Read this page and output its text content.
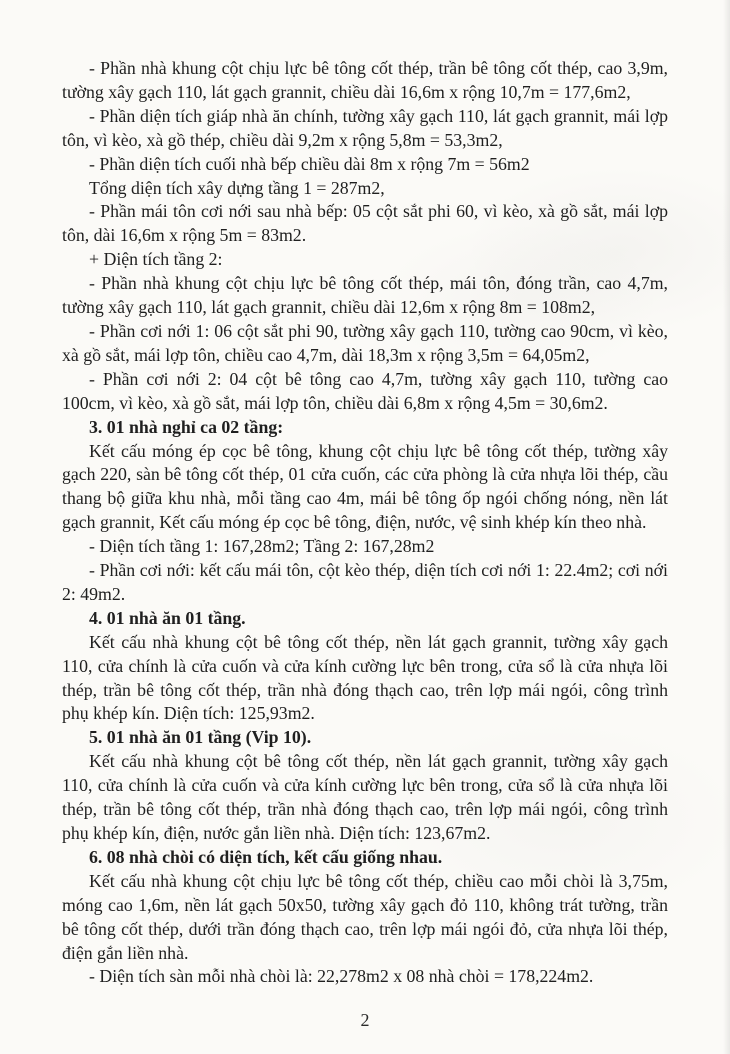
- Phần nhà khung cột chịu lực bê tông cốt thép, trần bê tông cốt thép, cao 3,9m, tường xây gạch 110, lát gạch grannit, chiều dài 16,6m x rộng 10,7m = 177,6m2,

- Phần diện tích giáp nhà ăn chính, tường xây gạch 110, lát gạch grannit, mái lợp tôn, vì kèo, xà gồ thép, chiều dài 9,2m x rộng 5,8m = 53,3m2,

- Phần diện tích cuối nhà bếp chiều dài 8m x rộng 7m = 56m2

Tổng diện tích xây dựng tầng 1 = 287m2,

- Phần mái tôn cơi nới sau nhà bếp: 05 cột sắt phi 60, vì kèo, xà gồ sắt, mái lợp tôn, dài 16,6m x rộng 5m = 83m2.

+ Diện tích tầng 2:

- Phần nhà khung cột chịu lực bê tông cốt thép, mái tôn, đóng trần, cao 4,7m, tường xây gạch 110, lát gạch grannit, chiều dài 12,6m x rộng 8m = 108m2,

- Phần cơi nới 1: 06 cột sắt phi 90, tường xây gạch 110, tường cao 90cm, vì kèo, xà gồ sắt, mái lợp tôn, chiều cao 4,7m, dài 18,3m x rộng 3,5m = 64,05m2,

- Phần cơi nới 2: 04 cột bê tông cao 4,7m, tường xây gạch 110, tường cao 100cm, vì kèo, xà gồ sắt, mái lợp tôn, chiều dài 6,8m x rộng 4,5m = 30,6m2.

3. 01 nhà nghỉ ca 02 tầng:

Kết cấu móng ép cọc bê tông, khung cột chịu lực bê tông cốt thép, tường xây gạch 220, sàn bê tông cốt thép, 01 cửa cuốn, các cửa phòng là cửa nhựa lõi thép, cầu thang bộ giữa khu nhà, mỗi tầng cao 4m, mái bê tông ốp ngói chống nóng, nền lát gạch grannit, Kết cấu móng ép cọc bê tông, điện, nước, vệ sinh khép kín theo nhà.

- Diện tích tầng 1: 167,28m2; Tầng 2: 167,28m2

- Phần cơi nới: kết cấu mái tôn, cột kèo thép, diện tích cơi nới 1: 22.4m2; cơi nới 2: 49m2.

4. 01 nhà ăn 01 tầng.

Kết cấu nhà khung cột bê tông cốt thép, nền lát gạch grannit, tường xây gạch 110, cửa chính là cửa cuốn và cửa kính cường lực bên trong, cửa sổ là cửa nhựa lõi thép, trần bê tông cốt thép, trần nhà đóng thạch cao, trên lợp mái ngói, công trình phụ khép kín. Diện tích: 125,93m2.

5. 01 nhà ăn 01 tầng (Vip 10).

Kết cấu nhà khung cột bê tông cốt thép, nền lát gạch grannit, tường xây gạch 110, cửa chính là cửa cuốn và cửa kính cường lực bên trong, cửa sổ là cửa nhựa lõi thép, trần bê tông cốt thép, trần nhà đóng thạch cao, trên lợp mái ngói, công trình phụ khép kín, điện, nước gắn liền nhà. Diện tích: 123,67m2.

6. 08 nhà chòi có diện tích, kết cấu giống nhau.

Kết cấu nhà khung cột chịu lực bê tông cốt thép, chiều cao mỗi chòi là 3,75m, móng cao 1,6m, nền lát gạch 50x50, tường xây gạch đỏ 110, không trát tường, trần bê tông cốt thép, dưới trần đóng thạch cao, trên lợp mái ngói đỏ, cửa nhựa lõi thép, điện gắn liền nhà.

- Diện tích sàn mỗi nhà chòi là: 22,278m2 x 08 nhà chòi = 178,224m2.

2
